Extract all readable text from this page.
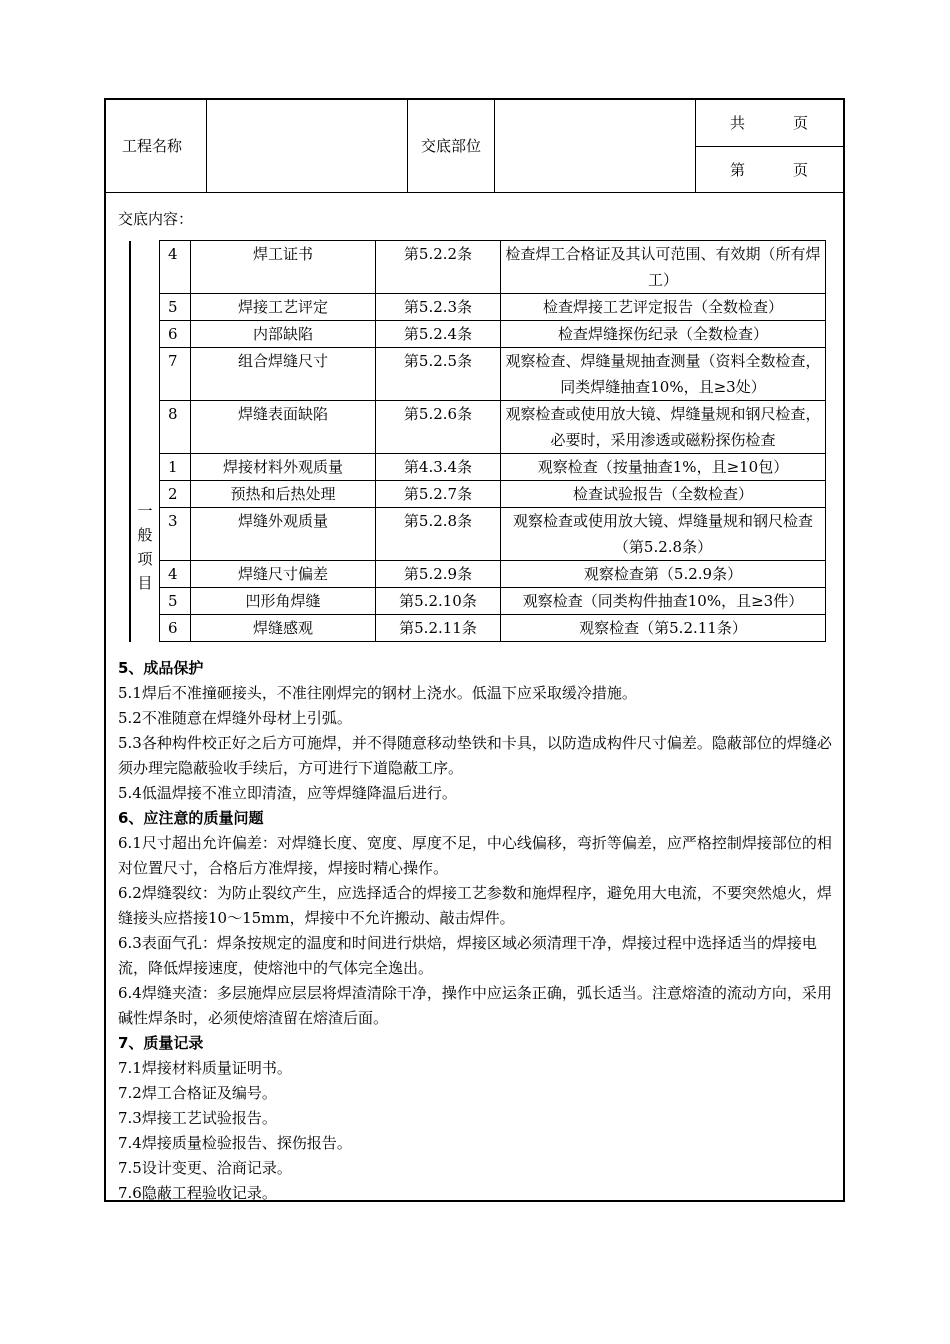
工程名称		交底部位		共	页
第	页
交底内容：
	4	焊工证书	第5.2.2条	检查焊工合格证及其认可范围、有效期（所有焊工）
	5	焊接工艺评定	第5.2.3条	检查焊接工艺评定报告（全数检查）
	6	内部缺陷	第5.2.4条	检查焊缝探伤纪录（全数检查）
	7	组合焊缝尺寸	第5.2.5条	观察检查、焊缝量规抽查测量（资料全数检查，同类焊缝抽查10%，且≥3处）
	8	焊缝表面缺陷	第5.2.6条	观察检查或使用放大镜、焊缝量规和钢尺检查，必要时，采用渗透或磁粉探伤检查
一般项目	1	焊接材料外观质量	第4.3.4条	观察检查（按量抽查1%，且≥10包）
	2	预热和后热处理	第5.2.7条	检查试验报告（全数检查）
	3	焊缝外观质量	第5.2.8条	观察检查或使用放大镜、焊缝量规和钢尺检查（第5.2.8条）
	4	焊缝尺寸偏差	第5.2.9条	观察检查第（5.2.9条）
	5	凹形角焊缝	第5.2.10条	观察检查（同类构件抽查10%，且≥3件）
	6	焊缝感观	第5.2.11条	观察检查（第5.2.11条）

5、成品保护

5.1焊后不准撞砸接头，不准往刚焊完的钢材上浇水。低温下应采取缓冷措施。

5.2不准随意在焊缝外母材上引弧。

5.3各种构件校正好之后方可施焊，并不得随意移动垫铁和卡具，以防造成构件尺寸偏差。隐蔽部位的焊缝必须办理完隐蔽验收手续后，方可进行下道隐蔽工序。

5.4低温焊接不准立即清渣，应等焊缝降温后进行。

6、应注意的质量问题

6.1尺寸超出允许偏差：对焊缝长度、宽度、厚度不足，中心线偏移，弯折等偏差，应严格控制焊接部位的相对位置尺寸，合格后方准焊接，焊接时精心操作。

6.2焊缝裂纹：为防止裂纹产生，应选择适合的焊接工艺参数和施焊程序，避免用大电流，不要突然熄火，焊缝接头应搭接10～15mm，焊接中不允许搬动、敲击焊件。

6.3表面气孔：焊条按规定的温度和时间进行烘焙，焊接区域必须清理干净，焊接过程中选择适当的焊接电流，降低焊接速度，使熔池中的气体完全逸出。

6.4焊缝夹渣：多层施焊应层层将焊渣清除干净，操作中应运条正确，弧长适当。注意熔渣的流动方向，采用碱性焊条时，必须使熔渣留在熔渣后面。

7、质量记录

7.1焊接材料质量证明书。

7.2焊工合格证及编号。

7.3焊接工艺试验报告。

7.4焊接质量检验报告、探伤报告。

7.5设计变更、洽商记录。

7.6隐蔽工程验收记录。
